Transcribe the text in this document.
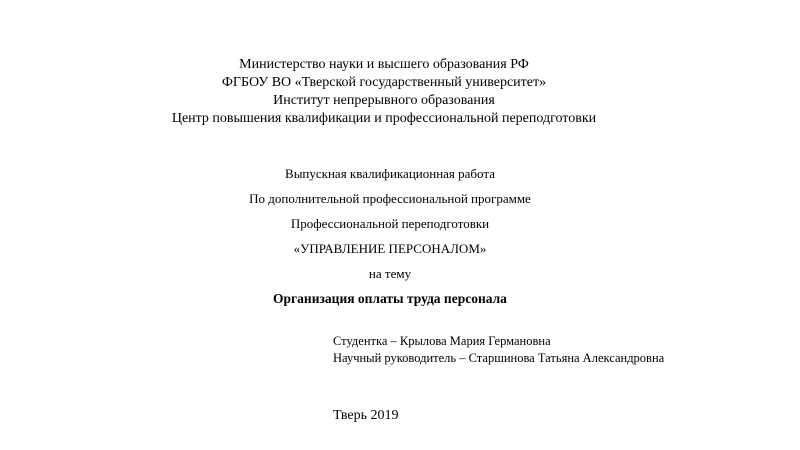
Министерство науки и высшего образования РФ
ФГБОУ ВО «Тверской государственный университет»
Институт непрерывного образования
Центр повышения квалификации и профессиональной переподготовки
Выпускная квалификационная работа
По дополнительной профессиональной программе
Профессиональной переподготовки
«УПРАВЛЕНИЕ ПЕРСОНАЛОМ»
на тему
Организация оплаты труда персонала
Студентка – Крылова Мария Германовна
Научный руководитель – Старшинова Татьяна Александровна
Тверь 2019
